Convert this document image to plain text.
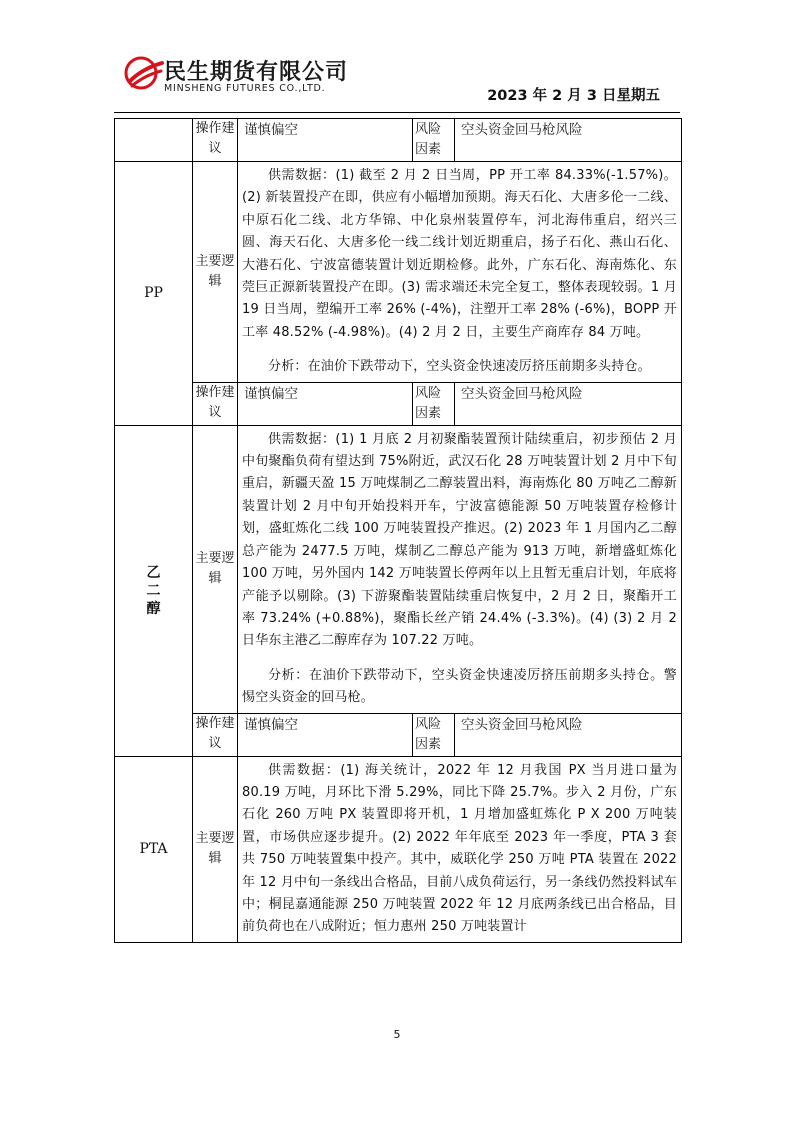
民生期货有限公司
MINSHENG FUTURES CO.,LTD.	2023 年 2 月 3 日星期五
	操作建议	谨慎偏空	风险因素	空头资金回马枪风险
PP	主要逻辑	供需数据：(1) 截至 2 月 2 日当周，PP 开工率 84.33%(-1.57%)。(2) 新装置投产在即，供应有小幅增加预期。海天石化、大唐多伦一二线、中原石化二线、北方华锦、中化泉州装置停车，河北海伟重启，绍兴三圆、海天石化、大唐多伦一线二线计划近期重启，扬子石化、燕山石化、大港石化、宁波富德装置计划近期检修。此外，广东石化、海南炼化、东莞巨正源新装置投产在即。(3) 需求端还未完全复工，整体表现较弱。1 月 19 日当周，塑编开工率 26% (-4%)，注塑开工率 28% (-6%)，BOPP 开工率 48.52% (-4.98%)。(4) 2 月 2 日，主要生产商库存 84 万吨。

分析：在油价下跌带动下，空头资金快速凌厉挤压前期多头持仓。		

	操作建议	谨慎偏空	风险因素	空头资金回马枪风险
乙二醇	主要逻辑	供需数据：(1) 1 月底 2 月初聚酯装置预计陆续重启，初步预估 2 月中旬聚酯负荷有望达到 75%附近，武汉石化 28 万吨装置计划 2 月中下旬重启，新疆天盈 15 万吨煤制乙二醇装置出料，海南炼化 80 万吨乙二醇新装置计划 2 月中旬开始投料开车，宁波富德能源 50 万吨装置存检修计划，盛虹炼化二线 100 万吨装置投产推迟。(2) 2023 年 1 月国内乙二醇总产能为 2477.5 万吨，煤制乙二醇总产能为 913 万吨，新增盛虹炼化 100 万吨，另外国内 142 万吨装置长停两年以上且暂无重启计划，年底将产能予以剔除。(3) 下游聚酯装置陆续重启恢复中，2 月 2 日，聚酯开工率 73.24% (+0.88%)，聚酯长丝产销 24.4% (-3.3%)。(4) (3) 2 月 2 日华东主港乙二醇库存为 107.22 万吨。

分析：在油价下跌带动下，空头资金快速凌厉挤压前期多头持仓。警惕空头资金的回马枪。		

	操作建议	谨慎偏空	风险因素	空头资金回马枪风险
PTA	主要逻辑	供需数据：(1) 海关统计，2022 年 12 月我国 PX 当月进口量为 80.19 万吨，月环比下滑 5.29%，同比下降 25.7%。步入 2 月份，广东石化 260 万吨 PX 装置即将开机，1 月增加盛虹炼化 P X 200 万吨装置，市场供应逐步提升。(2) 2022 年年底至 2023 年一季度，PTA 3 套共 750 万吨装置集中投产。其中，威联化学 250 万吨 PTA 装置在 2022 年 12 月中旬一条线出合格品，目前八成负荷运行，另一条线仍然投料试车中；桐昆嘉通能源 250 万吨装置 2022 年 12 月底两条线已出合格品，目前负荷也在八成附近；恒力惠州 250 万吨装置计		

5
